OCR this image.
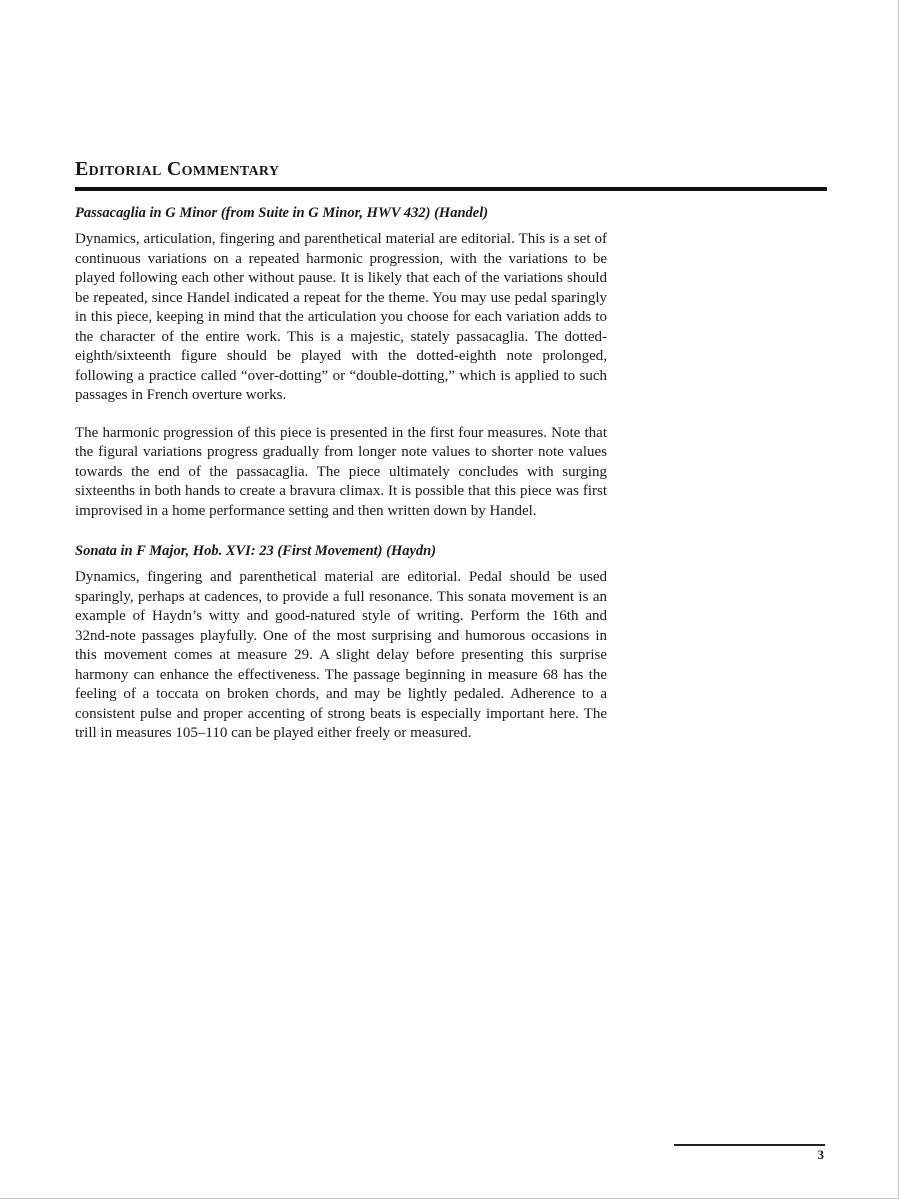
Editorial Commentary
Passacaglia in G Minor (from Suite in G Minor, HWV 432) (Handel)

Dynamics, articulation, fingering and parenthetical material are editorial. This is a set of continuous variations on a repeated harmonic progression, with the variations to be played following each other without pause. It is likely that each of the variations should be repeated, since Handel indicated a repeat for the theme. You may use pedal sparingly in this piece, keeping in mind that the articulation you choose for each variation adds to the character of the entire work. This is a majestic, stately passacaglia. The dotted-eighth/sixteenth figure should be played with the dotted-eighth note prolonged, following a practice called “over-dotting” or “double-dotting,” which is applied to such passages in French overture works.

The harmonic progression of this piece is presented in the first four measures. Note that the figural variations progress gradually from longer note values to shorter note values towards the end of the passacaglia. The piece ultimately concludes with surging sixteenths in both hands to create a bravura climax. It is possible that this piece was first improvised in a home performance setting and then written down by Handel.

Sonata in F Major, Hob. XVI: 23 (First Movement) (Haydn)

Dynamics, fingering and parenthetical material are editorial. Pedal should be used sparingly, perhaps at cadences, to provide a full resonance. This sonata movement is an example of Haydn’s witty and good-natured style of writing. Perform the 16th and 32nd-note passages playfully. One of the most surprising and humorous occasions in this movement comes at measure 29. A slight delay before presenting this surprise harmony can enhance the effectiveness. The passage beginning in measure 68 has the feeling of a toccata on broken chords, and may be lightly pedaled. Adherence to a consistent pulse and proper accenting of strong beats is especially important here. The trill in measures 105–110 can be played either freely or measured.

3
